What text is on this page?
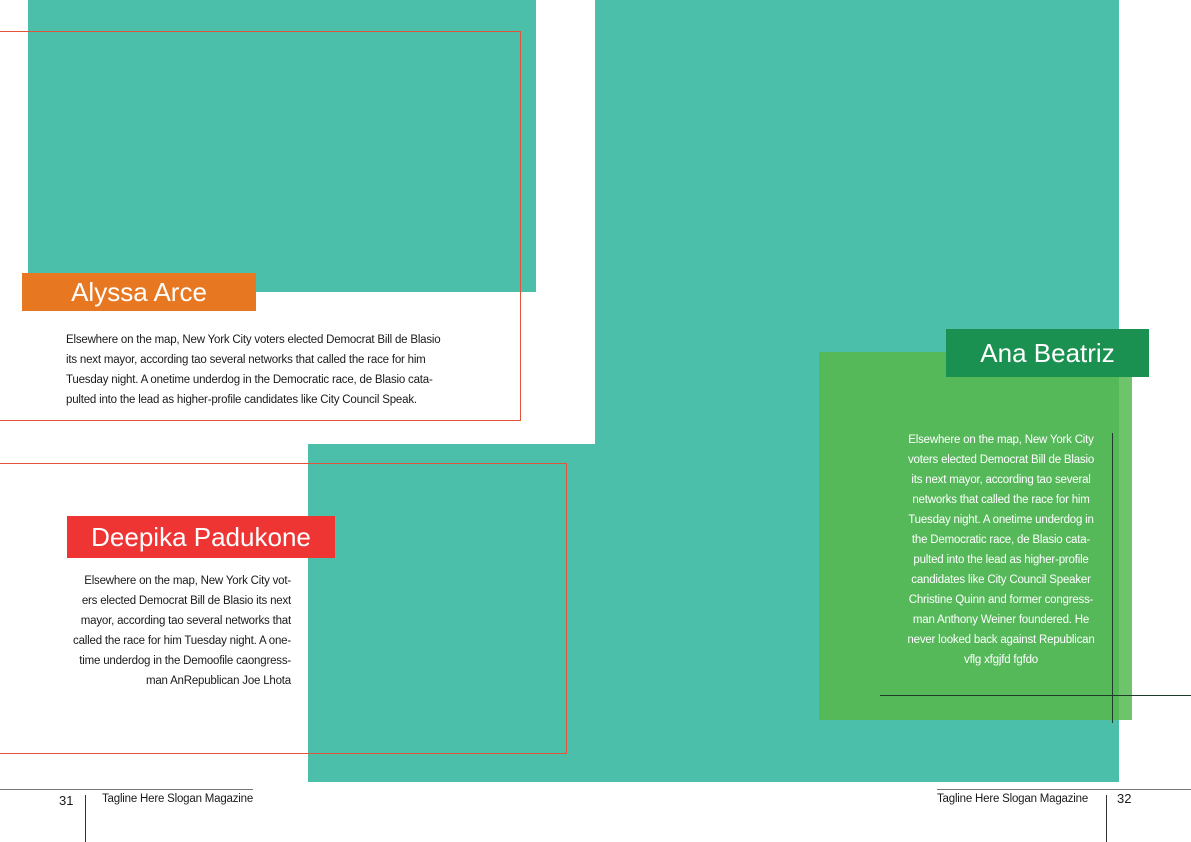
Alyssa Arce
Elsewhere on the map, New York City voters elected Democrat Bill de Blasio
its next mayor, according tao several networks that called the race for him
Tuesday night. A onetime underdog in the Democratic race, de Blasio cata-
pulted into the lead as higher-profile candidates like City Council Speak.
Deepika Padukone
Elsewhere on the map, New York City vot-
ers elected Democrat Bill de Blasio its next
mayor, according tao several networks that
called the race for him Tuesday night. A one-
time underdog in the Demoofile caongress-
man AnRepublican Joe Lhota
Ana Beatriz
Elsewhere on the map, New York City
voters elected Democrat Bill de Blasio
its next mayor, according tao several
networks that called the race for him
Tuesday night. A onetime underdog in
the Democratic race, de Blasio cata-
pulted into the lead as higher-profile
candidates like City Council Speaker
Christine Quinn and former congress-
man Anthony Weiner foundered. He
never looked back against Republican
vflg xfgjfd fgfdo
31 Tagline Here Slogan Magazine	Tagline Here Slogan Magazine 32
